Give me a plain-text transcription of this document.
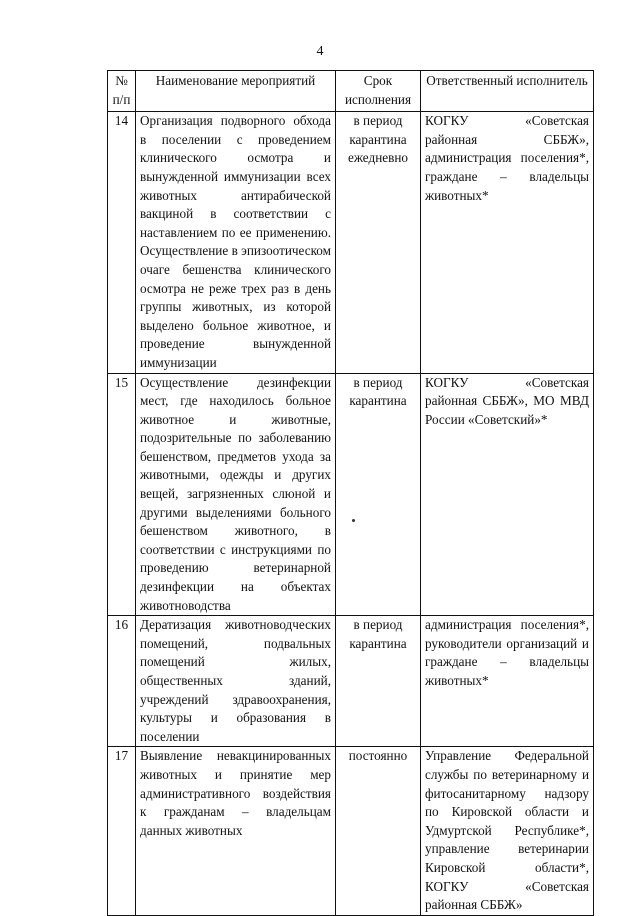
4
№ п/п	Наименование мероприятий	Срок исполнения	Ответственный исполнитель
14	Организация подворного обхода в поселении с проведением клинического осмотра и вынужденной иммунизации всех животных антирабической вакциной в соответствии с наставлением по ее применению. Осуществление в эпизоотическом очаге бешенства клинического осмотра не реже трех раз в день группы животных, из которой выделено больное животное, и проведение вынужденной иммунизации	в период карантина ежедневно	КОГКУ «Советская районная СББЖ», администрация поселения*, граждане – владельцы животных*
15	Осуществление дезинфекции мест, где находилось больное животное и животные, подозрительные по заболеванию бешенством, предметов ухода за животными, одежды и других вещей, загрязненных слюной и другими выделениями больного бешенством животного, в соответствии с инструкциями по проведению ветеринарной дезинфекции на объектах животноводства	в период карантина	КОГКУ «Советская районная СББЖ», МО МВД России «Советский»*
16	Дератизация животноводческих помещений, подвальных помещений жилых, общественных зданий, учреждений здравоохранения, культуры и образования в поселении	в период карантина	администрация поселения*, руководители организаций и граждане – владельцы животных*
17	Выявление невакцинированных животных и принятие мер административного воздействия к гражданам – владельцам данных животных	постоянно	Управление Федеральной службы по ветеринарному и фитосанитарному надзору по Кировской области и Удмуртской Республике*, управление ветеринарии Кировской области*, КОГКУ «Советская районная СББЖ»
